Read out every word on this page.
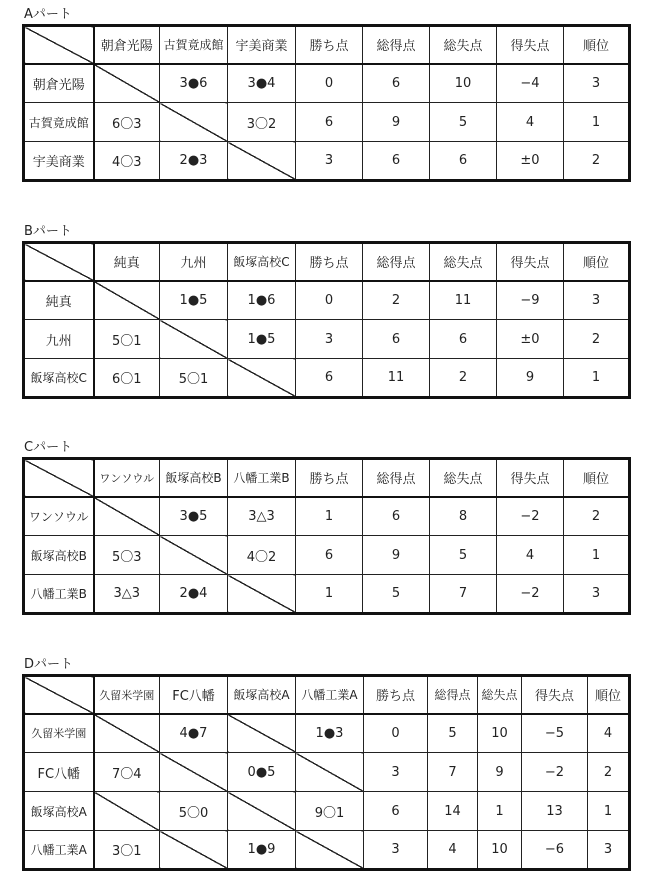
Aパート
	朝倉光陽	古賀竟成館	宇美商業	勝ち点	総得点	総失点	得失点	順位
朝倉光陽		3●6	3●4	0	6	10	−4	3
古賀竟成館	6〇3		3〇2	6	9	5	4	1
宇美商業	4〇3	2●3		3	6	6	±0	2
Bパート
	純真	九州	飯塚高校C	勝ち点	総得点	総失点	得失点	順位
純真		1●5	1●6	0	2	11	−9	3
九州	5〇1		1●5	3	6	6	±0	2
飯塚高校C	6〇1	5〇1		6	11	2	9	1
Cパート
	ワンソウル	飯塚高校B	八幡工業B	勝ち点	総得点	総失点	得失点	順位
ワンソウル		3●5	3△3	1	6	8	−2	2
飯塚高校B	5〇3		4〇2	6	9	5	4	1
八幡工業B	3△3	2●4		1	5	7	−2	3
Dパート
	久留米学園	FC八幡	飯塚高校A	八幡工業A	勝ち点	総得点	総失点	得失点	順位
久留米学園		4●7		1●3	0	5	10	−5	4
FC八幡	7〇4		0●5		3	7	9	−2	2
飯塚高校A		5〇0		9〇1	6	14	1	13	1
八幡工業A	3〇1		1●9		3	4	10	−6	3
